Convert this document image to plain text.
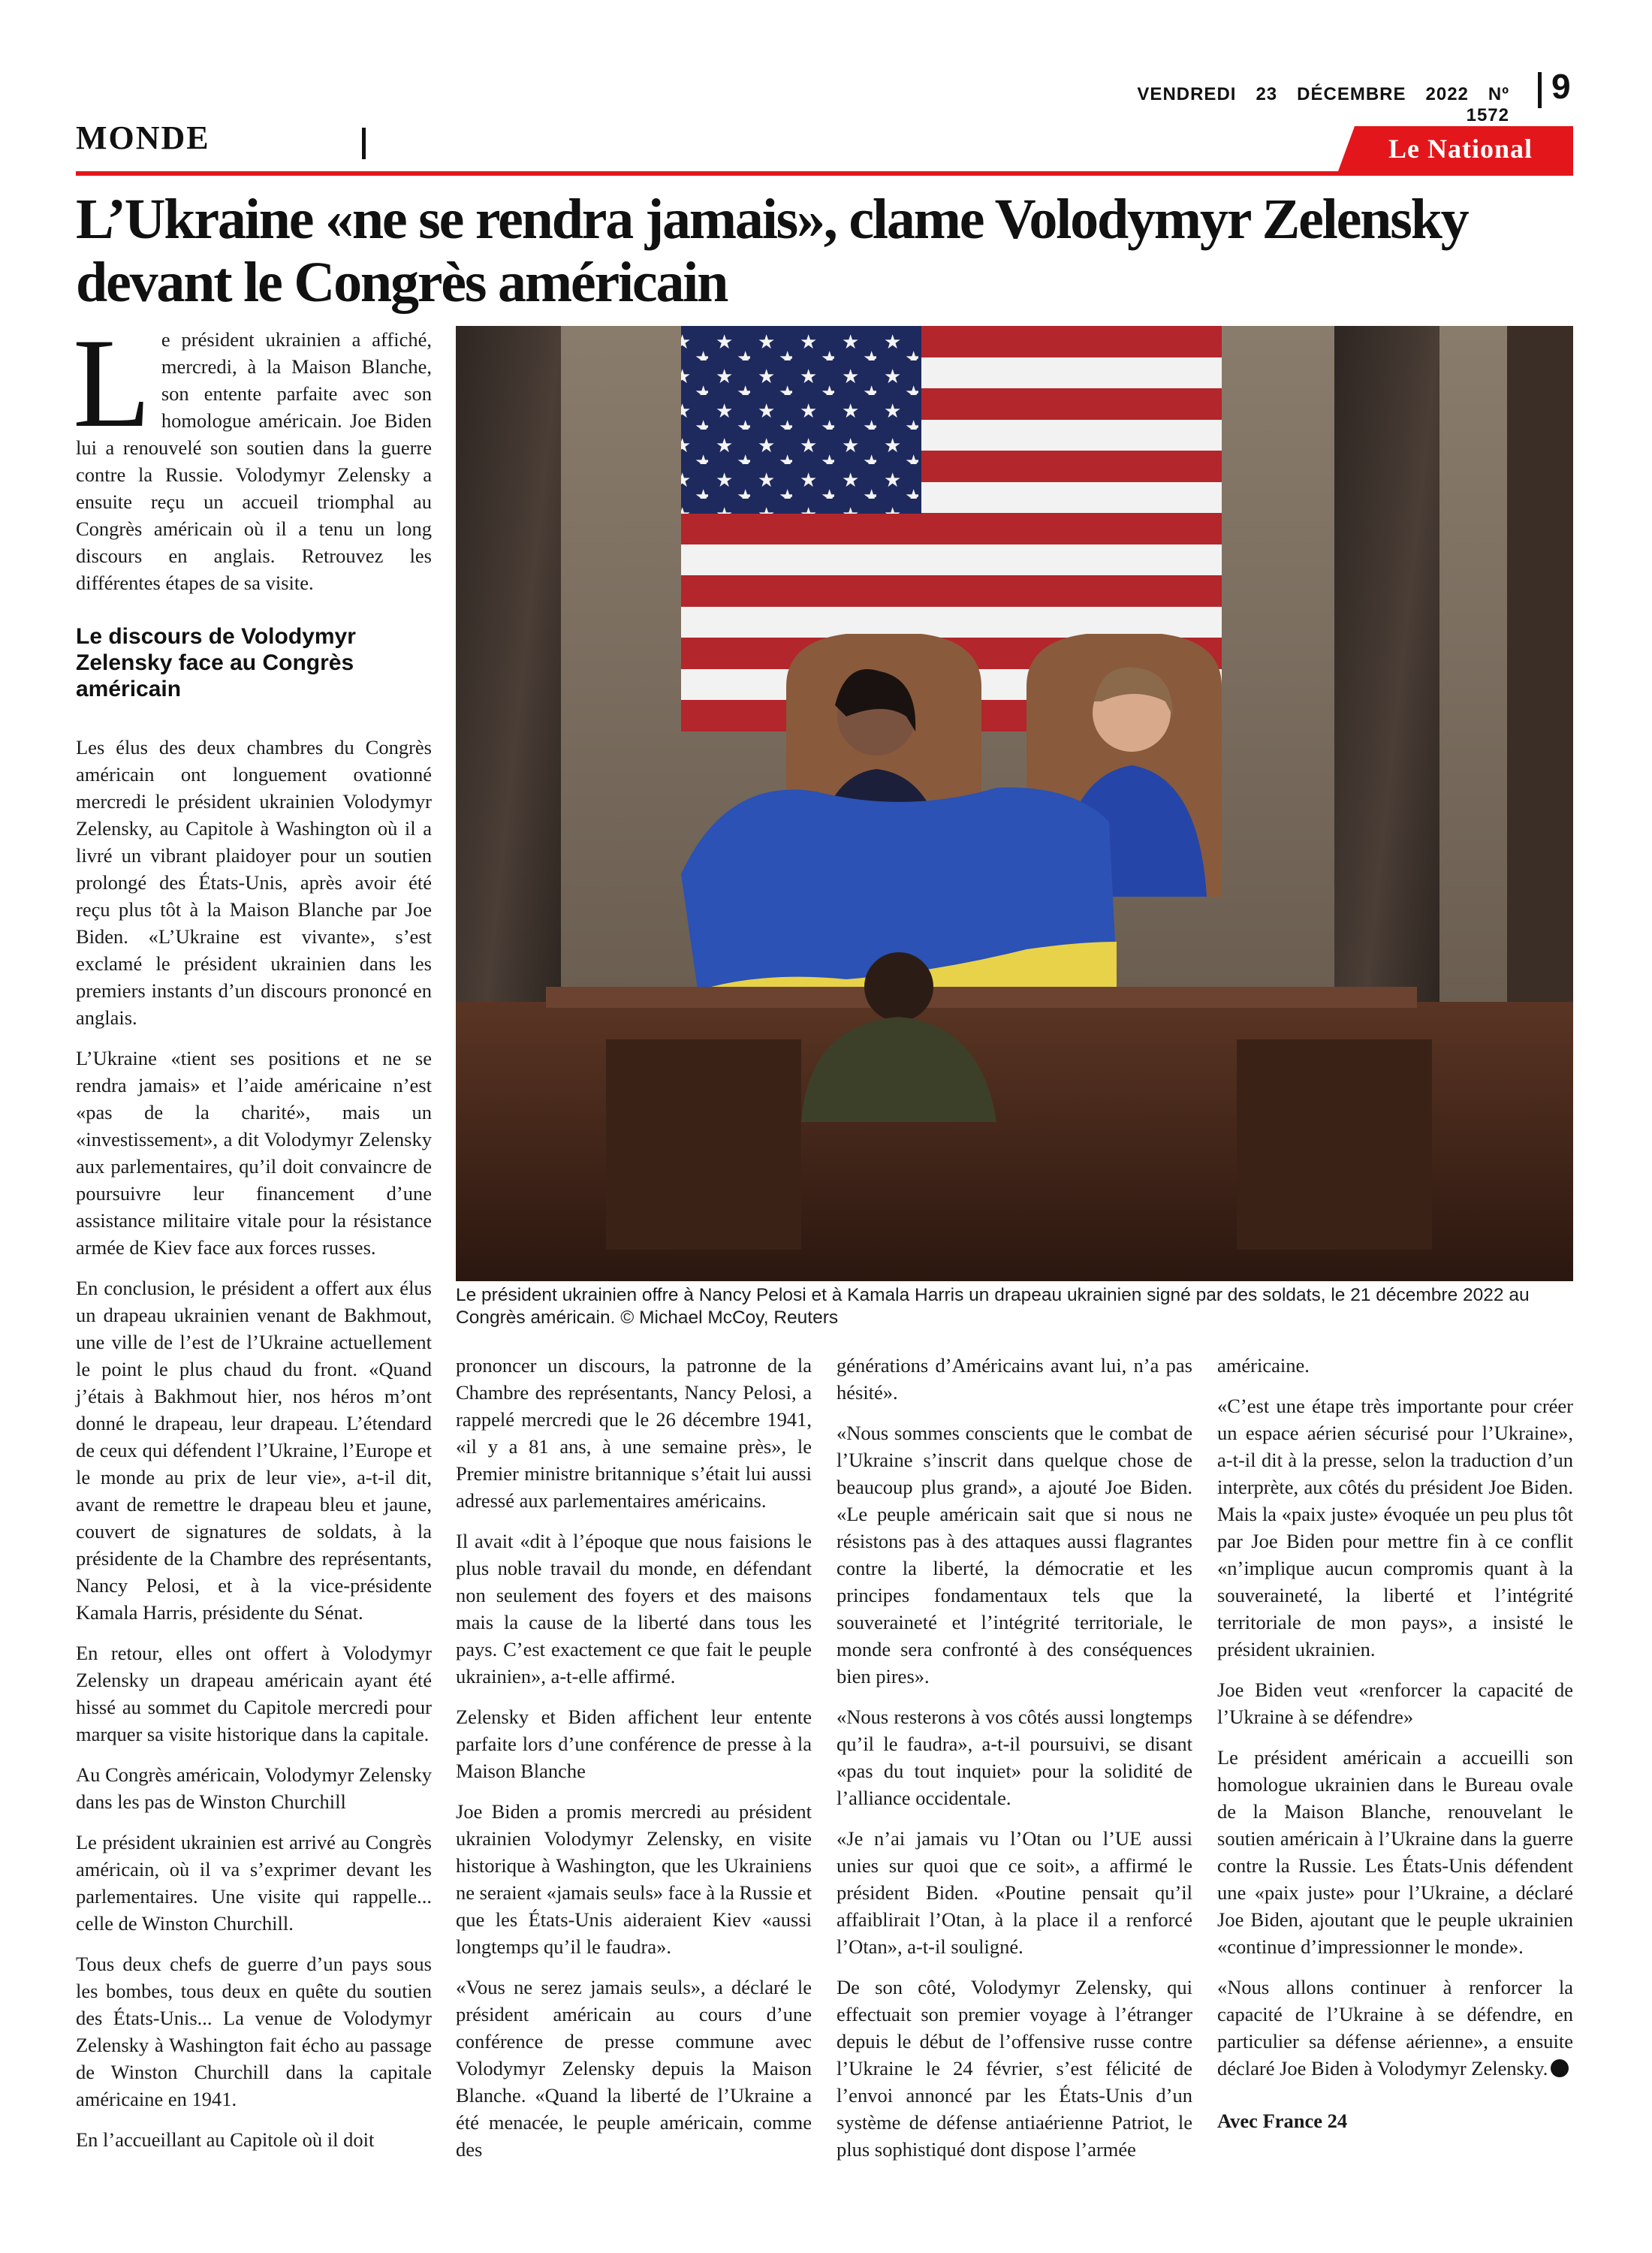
VENDREDI 23 DÉCEMBRE 2022 Nº 1572
9
MONDE	Le National
L’Ukraine «ne se rendra jamais», clame Volodymyr Zelensky devant le Congrès américain

Le président ukrainien a affiché, mercredi, à la Maison Blanche, son entente parfaite avec son homologue américain. Joe Biden lui a renouvelé son soutien dans la guerre contre la Russie. Volodymyr Zelensky a ensuite reçu un accueil triomphal au Congrès américain où il a tenu un long discours en anglais. Retrouvez les différentes étapes de sa visite.

Le discours de Volodymyr Zelensky face au Congrès américain

Les élus des deux chambres du Congrès américain ont longuement ovationné mercredi le président ukrainien Volodymyr Zelensky, au Capitole à Washington où il a livré un vibrant plaidoyer pour un soutien prolongé des États-Unis, après avoir été reçu plus tôt à la Maison Blanche par Joe Biden. «L’Ukraine est vivante», s’est exclamé le président ukrainien dans les premiers instants d’un discours prononcé en anglais.

L’Ukraine «tient ses positions et ne se rendra jamais» et l’aide américaine n’est «pas de la charité», mais un «investissement», a dit Volodymyr Zelensky aux parlementaires, qu’il doit convaincre de poursuivre leur financement d’une assistance militaire vitale pour la résistance armée de Kiev face aux forces russes.

En conclusion, le président a offert aux élus un drapeau ukrainien venant de Bakhmout, une ville de l’est de l’Ukraine actuellement le point le plus chaud du front. «Quand j’étais à Bakhmout hier, nos héros m’ont donné le drapeau, leur drapeau. L’étendard de ceux qui défendent l’Ukraine, l’Europe et le monde au prix de leur vie», a-t-il dit, avant de remettre le drapeau bleu et jaune, couvert de signatures de soldats, à la présidente de la Chambre des représentants, Nancy Pelosi, et à la vice-présidente Kamala Harris, présidente du Sénat.

En retour, elles ont offert à Volodymyr Zelensky un drapeau américain ayant été hissé au sommet du Capitole mercredi pour marquer sa visite historique dans la capitale.

Au Congrès américain, Volodymyr Zelensky dans les pas de Winston Churchill

Le président ukrainien est arrivé au Congrès américain, où il va s’exprimer devant les parlementaires. Une visite qui rappelle... celle de Winston Churchill.

Tous deux chefs de guerre d’un pays sous les bombes, tous deux en quête du soutien des États-Unis... La venue de Volodymyr Zelensky à Washington fait écho au passage de Winston Churchill dans la capitale américaine en 1941.

En l’accueillant au Capitole où il doit

Le président ukrainien offre à Nancy Pelosi et à Kamala Harris un drapeau ukrainien signé par des soldats, le 21 décembre 2022 au Congrès américain. © Michael McCoy, Reuters

prononcer un discours, la patronne de la Chambre des représentants, Nancy Pelosi, a rappelé mercredi que le 26 décembre 1941, «il y a 81 ans, à une semaine près», le Premier ministre britannique s’était lui aussi adressé aux parlementaires américains.

Il avait «dit à l’époque que nous faisions le plus noble travail du monde, en défendant non seulement des foyers et des maisons mais la cause de la liberté dans tous les pays. C’est exactement ce que fait le peuple ukrainien», a-t-elle affirmé.

Zelensky et Biden affichent leur entente parfaite lors d’une conférence de presse à la Maison Blanche

Joe Biden a promis mercredi au président ukrainien Volodymyr Zelensky, en visite historique à Washington, que les Ukrainiens ne seraient «jamais seuls» face à la Russie et que les États-Unis aideraient Kiev «aussi longtemps qu’il le faudra».

«Vous ne serez jamais seuls», a déclaré le président américain au cours d’une conférence de presse commune avec Volodymyr Zelensky depuis la Maison Blanche. «Quand la liberté de l’Ukraine a été menacée, le peuple américain, comme des

générations d’Américains avant lui, n’a pas hésité».

«Nous sommes conscients que le combat de l’Ukraine s’inscrit dans quelque chose de beaucoup plus grand», a ajouté Joe Biden. «Le peuple américain sait que si nous ne résistons pas à des attaques aussi flagrantes contre la liberté, la démocratie et les principes fondamentaux tels que la souveraineté et l’intégrité territoriale, le monde sera confronté à des conséquences bien pires».

«Nous resterons à vos côtés aussi longtemps qu’il le faudra», a-t-il poursuivi, se disant «pas du tout inquiet» pour la solidité de l’alliance occidentale.

«Je n’ai jamais vu l’Otan ou l’UE aussi unies sur quoi que ce soit», a affirmé le président Biden. «Poutine pensait qu’il affaiblirait l’Otan, à la place il a renforcé l’Otan», a-t-il souligné.

De son côté, Volodymyr Zelensky, qui effectuait son premier voyage à l’étranger depuis le début de l’offensive russe contre l’Ukraine le 24 février, s’est félicité de l’envoi annoncé par les États-Unis d’un système de défense antiaérienne Patriot, le plus sophistiqué dont dispose l’armée

américaine.

«C’est une étape très importante pour créer un espace aérien sécurisé pour l’Ukraine», a-t-il dit à la presse, selon la traduction d’un interprète, aux côtés du président Joe Biden. Mais la «paix juste» évoquée un peu plus tôt par Joe Biden pour mettre fin à ce conflit «n’implique aucun compromis quant à la souveraineté, la liberté et l’intégrité territoriale de mon pays», a insisté le président ukrainien.

Joe Biden veut «renforcer la capacité de l’Ukraine à se défendre»

Le président américain a accueilli son homologue ukrainien dans le Bureau ovale de la Maison Blanche, renouvelant le soutien américain à l’Ukraine dans la guerre contre la Russie. Les États-Unis défendent une «paix juste» pour l’Ukraine, a déclaré Joe Biden, ajoutant que le peuple ukrainien «continue d’impressionner le monde».

«Nous allons continuer à renforcer la capacité de l’Ukraine à se défendre, en particulier sa défense aérienne», a ensuite déclaré Joe Biden à Volodymyr Zelensky.

Avec France 24
